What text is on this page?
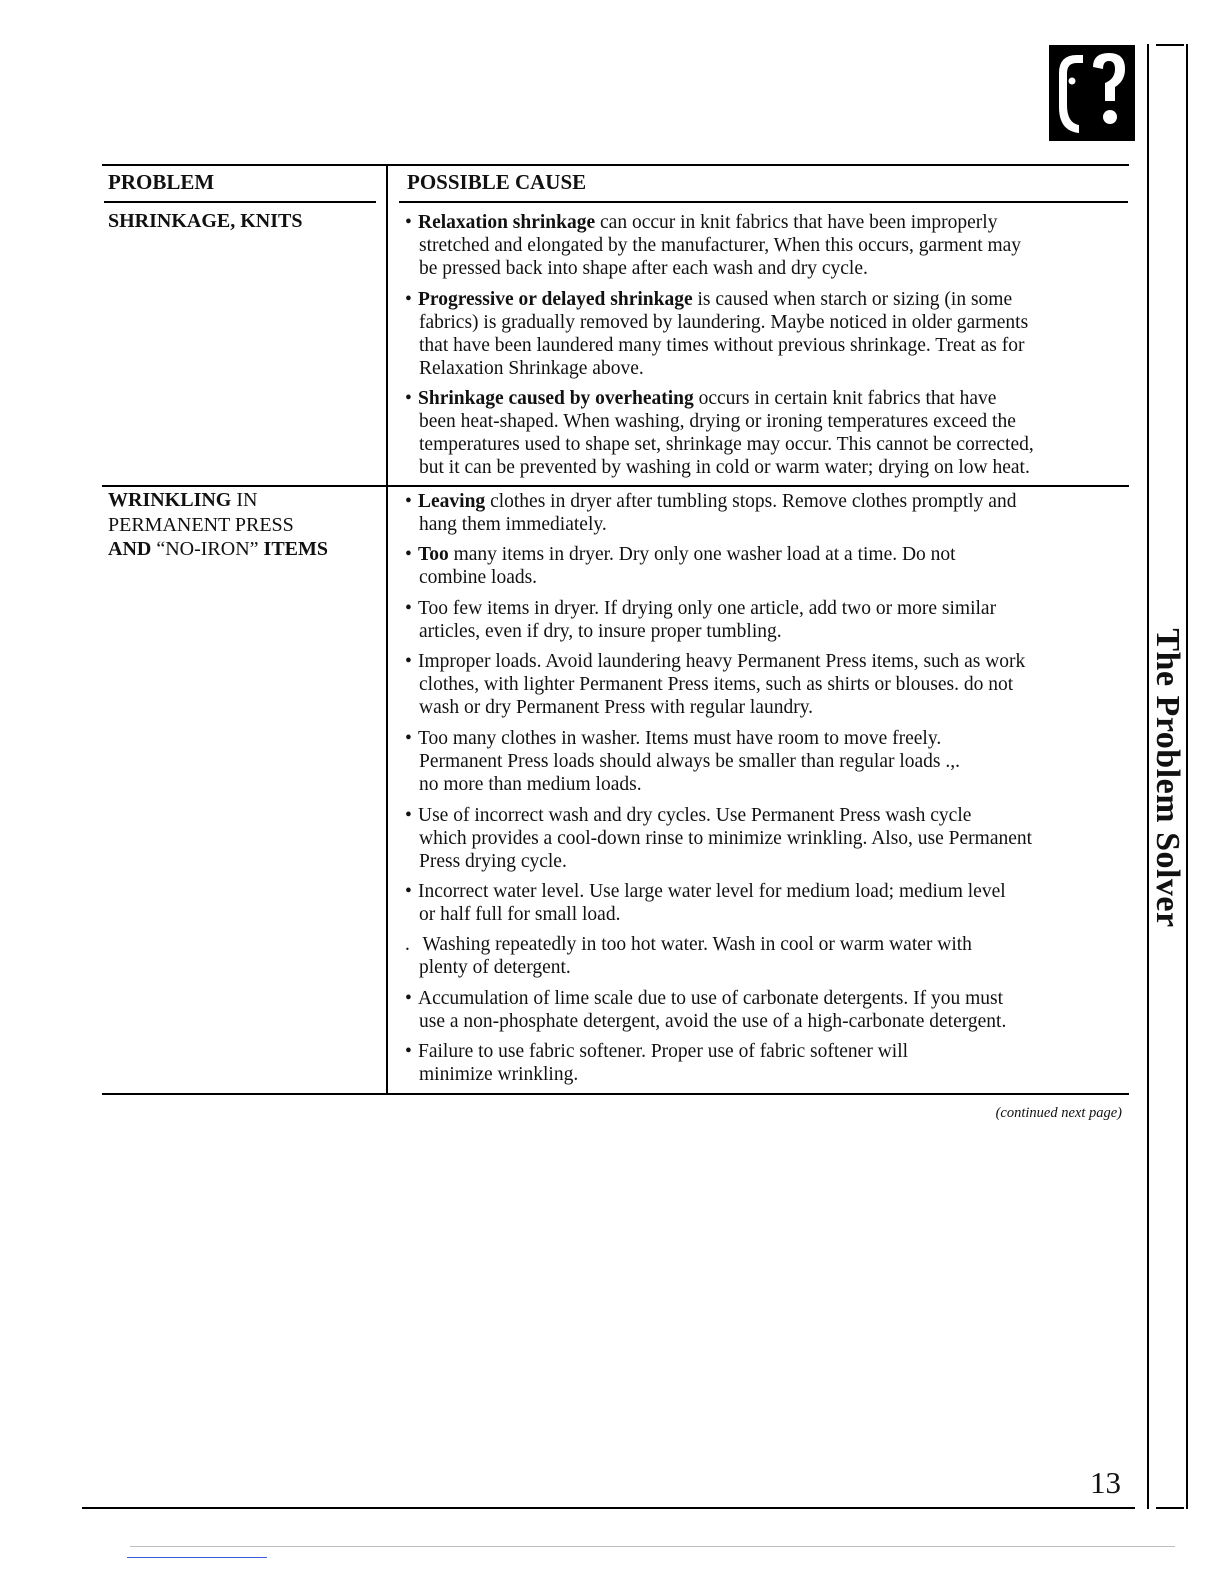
The Problem Solver
PROBLEM	POSSIBLE CAUSE
SHRINKAGE, KNITS
WRINKLING IN
PERMANENT PRESS
AND “NO-IRON” ITEMS

• Relaxation shrinkage can occur in knit fabrics that have been improperly

stretched and elongated by the manufacturer, When this occurs, garment may

be pressed back into shape after each wash and dry cycle.

• Progressive or delayed shrinkage is caused when starch or sizing (in some

fabrics) is gradually removed by laundering. Maybe noticed in older garments

that have been laundered many times without previous shrinkage. Treat as for

Relaxation Shrinkage above.

• Shrinkage caused by overheating occurs in certain knit fabrics that have

been heat-shaped. When washing, drying or ironing temperatures exceed the

temperatures used to shape set, shrinkage may occur. This cannot be corrected,

but it can be prevented by washing in cold or warm water; drying on low heat.

• Leaving clothes in dryer after tumbling stops. Remove clothes promptly and

hang them immediately.

• Too many items in dryer. Dry only one washer load at a time. Do not

combine loads.

• Too few items in dryer. If drying only one article, add two or more similar

articles, even if dry, to insure proper tumbling.

• Improper loads. Avoid laundering heavy Permanent Press items, such as work

clothes, with lighter Permanent Press items, such as shirts or blouses. do not

wash or dry Permanent Press with regular laundry.

• Too many clothes in washer. Items must have room to move freely.

Permanent Press loads should always be smaller than regular loads .,.

no more than medium loads.

• Use of incorrect wash and dry cycles. Use Permanent Press wash cycle

which provides a cool-down rinse to minimize wrinkling. Also, use Permanent

Press drying cycle.

• Incorrect water level. Use large water level for medium load; medium level

or half full for small load.

. Washing repeatedly in too hot water. Wash in cool or warm water with

plenty of detergent.

• Accumulation of lime scale due to use of carbonate detergents. If you must

use a non-phosphate detergent, avoid the use of a high-carbonate detergent.

• Failure to use fabric softener. Proper use of fabric softener will

minimize wrinkling.

(continued next page)
13
